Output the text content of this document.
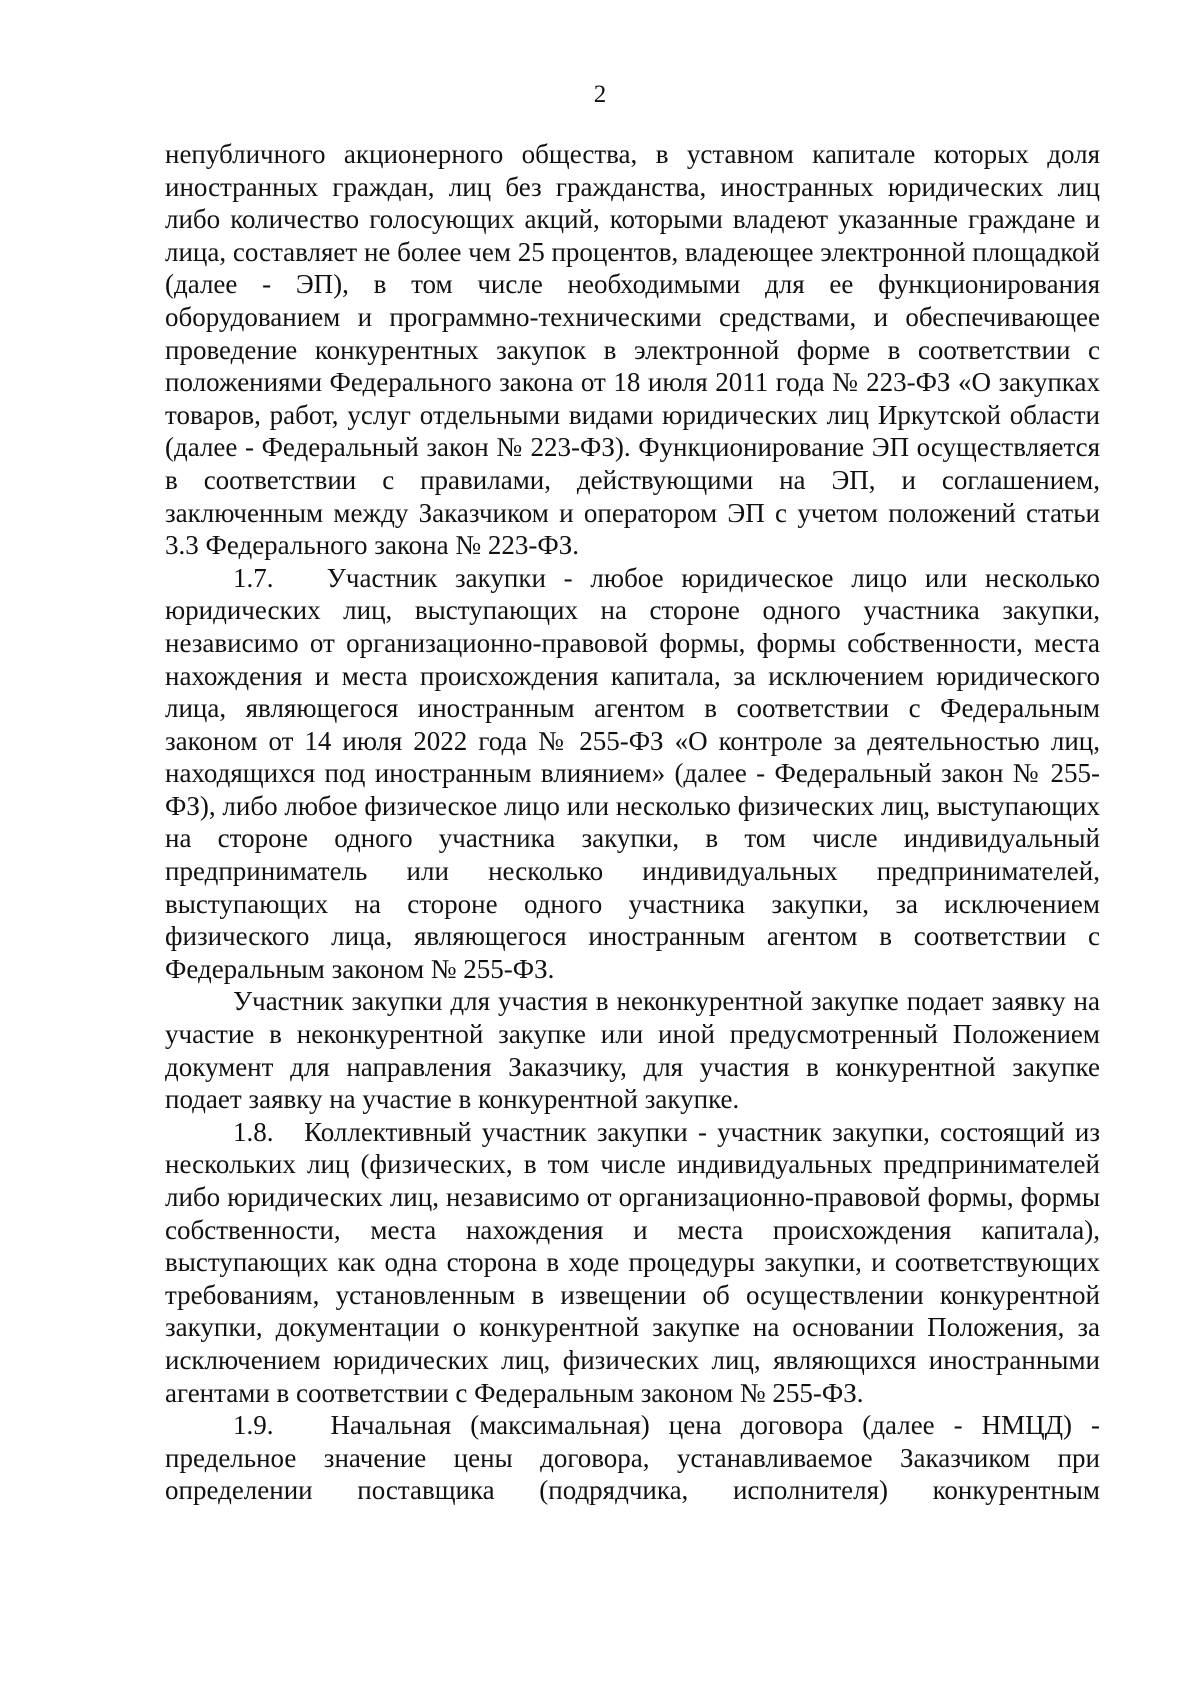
2

непубличного акционерного общества, в уставном капитале которых доля иностранных граждан, лиц без гражданства, иностранных юридических лиц либо количество голосующих акций, которыми владеют указанные граждане и лица, составляет не более чем 25 процентов, владеющее электронной площадкой (далее - ЭП), в том числе необходимыми для ее функционирования оборудованием и программно-техническими средствами, и обеспечивающее проведение конкурентных закупок в электронной форме в соответствии с положениями Федерального закона от 18 июля 2011 года № 223-ФЗ «О закупках товаров, работ, услуг отдельными видами юридических лиц Иркутской области (далее - Федеральный закон № 223-ФЗ). Функционирование ЭП осуществляется в соответствии с правилами, действующими на ЭП, и соглашением, заключенным между Заказчиком и оператором ЭП с учетом положений статьи 3.3 Федерального закона № 223-ФЗ.

1.7. Участник закупки - любое юридическое лицо или несколько юридических лиц, выступающих на стороне одного участника закупки, независимо от организационно-правовой формы, формы собственности, места нахождения и места происхождения капитала, за исключением юридического лица, являющегося иностранным агентом в соответствии с Федеральным законом от 14 июля 2022 года № 255-ФЗ «О контроле за деятельностью лиц, находящихся под иностранным влиянием» (далее - Федеральный закон № 255-ФЗ), либо любое физическое лицо или несколько физических лиц, выступающих на стороне одного участника закупки, в том числе индивидуальный предприниматель или несколько индивидуальных предпринимателей, выступающих на стороне одного участника закупки, за исключением физического лица, являющегося иностранным агентом в соответствии с Федеральным законом № 255-ФЗ.

Участник закупки для участия в неконкурентной закупке подает заявку на участие в неконкурентной закупке или иной предусмотренный Положением документ для направления Заказчику, для участия в конкурентной закупке подает заявку на участие в конкурентной закупке.

1.8. Коллективный участник закупки - участник закупки, состоящий из нескольких лиц (физических, в том числе индивидуальных предпринимателей либо юридических лиц, независимо от организационно-правовой формы, формы собственности, места нахождения и места происхождения капитала), выступающих как одна сторона в ходе процедуры закупки, и соответствующих требованиям, установленным в извещении об осуществлении конкурентной закупки, документации о конкурентной закупке на основании Положения, за исключением юридических лиц, физических лиц, являющихся иностранными агентами в соответствии с Федеральным законом № 255-ФЗ.

1.9. Начальная (максимальная) цена договора (далее - НМЦД) - предельное значение цены договора, устанавливаемое Заказчиком при определении поставщика (подрядчика, исполнителя) конкурентным
